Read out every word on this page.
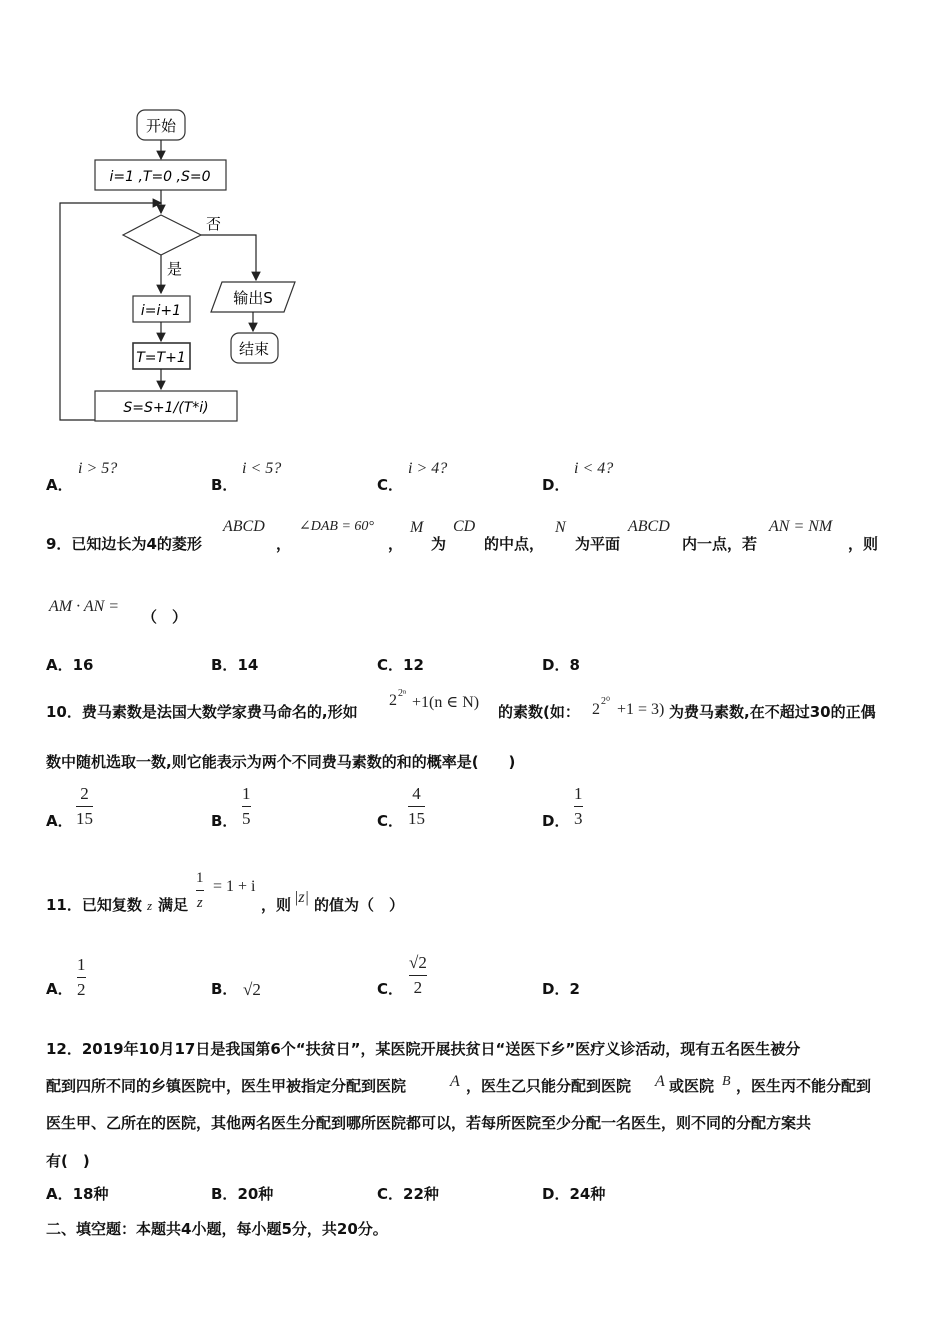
开始
i=1 ,T=0 ,S=0
否
输出S
结束
是
i=i+1
T=T+1
S=S+1/(T*i)
A．
i > 5?
B．
i < 5?
C．
i > 4?
D．
i < 4?
9．已知边长为4的菱形
ABCD
，
∠DAB = 60°
，
M
为
CD
的中点，
N
为平面
ABCD
内一点，若
AN = NM
，则
AM · AN =
（　）
A．16	B．14	C．12	D．8
10．费马素数是法国大数学家费马命名的,形如
2 2ⁿ
+1(n ∈ N)
的素数(如： 2 2⁰ +1 = 3) 为费马素数,在不超过30的正偶
数中随机选取一数,则它能表示为两个不同费马素数的和的概率是(　　)
A．
2
15	B．
1
5	C．
4
15	D．
1
3
11．已知复数 z 满足
1
z
= 1 + i
，则 |z| 的值为（　）
A．
1
2	B． √2	C．
√2
2	D．2
12．2019年10月17日是我国第6个“扶贫日”，某医院开展扶贫日“送医下乡”医疗义诊活动，现有五名医生被分
配到四所不同的乡镇医院中，医生甲被指定分配到医院	A ，医生乙只能分配到医院 A 或医院 B ，医生丙不能分配到
医生甲、乙所在的医院，其他两名医生分配到哪所医院都可以，若每所医院至少分配一名医生，则不同的分配方案共
有(　)
A．18种	B．20种	C．22种	D．24种
二、填空题：本题共4小题，每小题5分，共20分。
